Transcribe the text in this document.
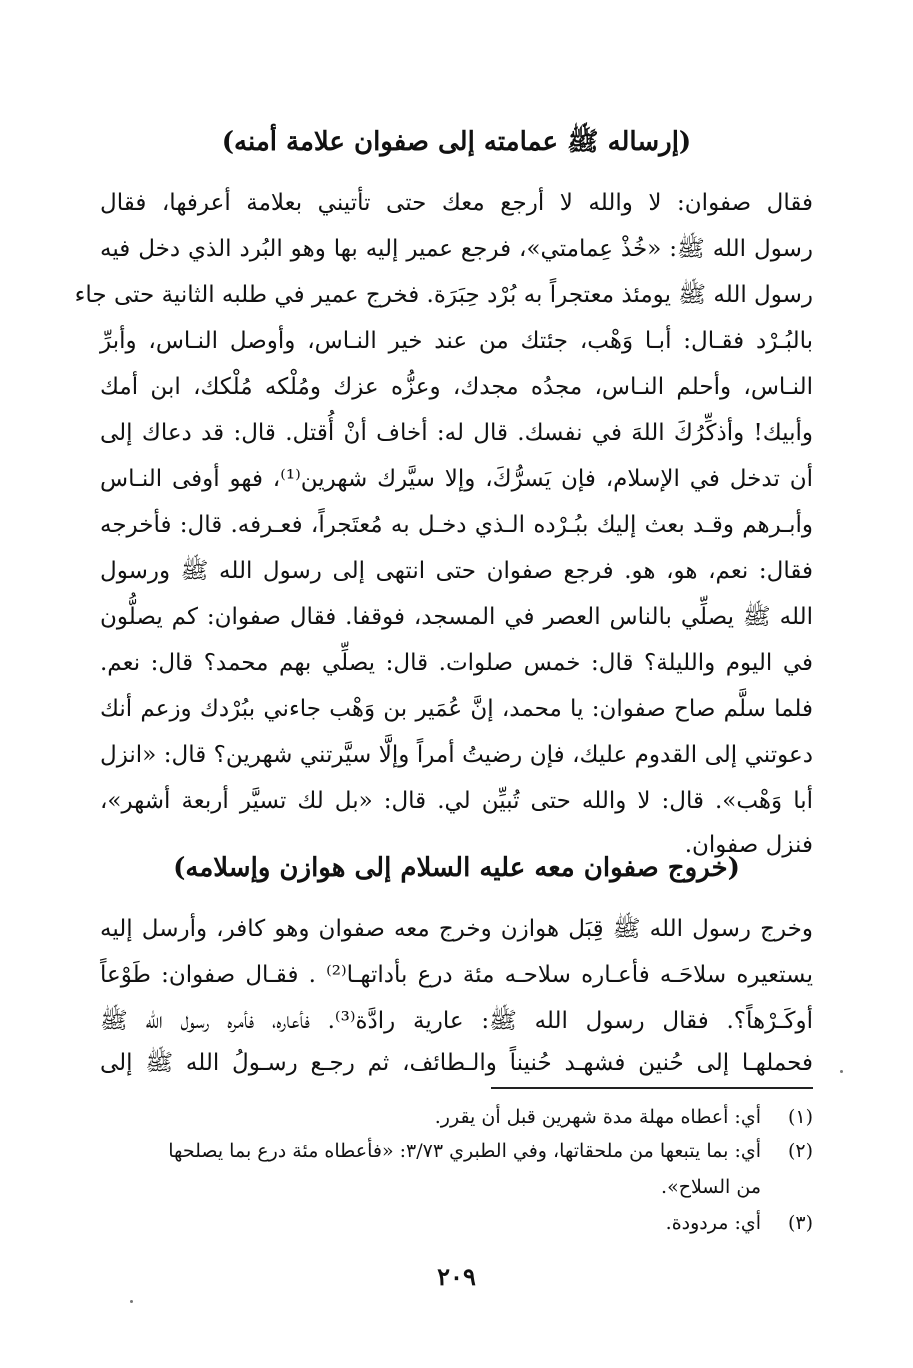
(إرساله ﷺ عمامته إلى صفوان علامة أمنه)
فقال صفوان: لا والله لا أرجع معك حتى تأتيني بعلامة أعرفها، فقال
رسول الله ﷺ: «خُذْ عِمامتي»، فرجع عمير إليه بها وهو البُرد الذي دخل فيه
رسول الله ﷺ يومئذ معتجراً به بُرْد حِبَرَة. فخرج عمير في طلبه الثانية حتى جاء
بالبُـرْد فقـال: أبـا وَهْب، جئتك من عند خير النـاس، وأوصل النـاس، وأبرِّ
النـاس، وأحلم النـاس، مجدُه مجدك، وعزُّه عزك ومُلْكه مُلْكك، ابن أمك
وأبيك! وأذكِّرُكَ اللهَ في نفسك. قال له: أخاف أنْ أُقتل. قال: قد دعاك إلى
أن تدخل في الإسلام، فإن يَسرُّكَ، وإلا سيَّرك شهرين⁽¹⁾، فهو أوفى النـاس
وأبـرهم وقـد بعث إليك ببُـرْده الـذي دخـل به مُعتَجراً، فعـرفه. قال: فأخرجه
فقال: نعم، هو، هو. فرجع صفوان حتى انتهى إلى رسول الله ﷺ ورسول
الله ﷺ يصلِّي بالناس العصر في المسجد، فوقفا. فقال صفوان: كم يصلُّون
في اليوم والليلة؟ قال: خمس صلوات. قال: يصلِّي بهم محمد؟ قال: نعم.
فلما سلَّم صاح صفوان: يا محمد، إنَّ عُمَير بن وَهْب جاءني ببُرْدك وزعم أنك
دعوتني إلى القدوم عليك، فإن رضيتُ أمراً وإلَّا سيَّرتني شهرين؟ قال: «انزل
أبا وَهْب». قال: لا والله حتى تُبيِّن لي. قال: «بل لك تسيَّر أربعة أشهر»،
فنزل صفوان.
(خروج صفوان معه عليه السلام إلى هوازن وإسلامه)
وخرج رسول الله ﷺ قِبَل هوازن وخرج معه صفوان وهو كافر، وأرسل إليه
يستعيره سلاحَـه فأعـاره سلاحـه مئة درع بأداتهـا⁽²⁾ . فقـال صفوان: طَوْعاً
أوكَـرْهاً؟. فقال رسول الله ﷺ: عارية رادَّة⁽³⁾. فأعاره، فأمره رسول الله ﷺ
فحملهـا إلى حُنين فشهـد حُنيناً والـطائف، ثم رجـع رسـولُ الله ﷺ إلى
(١)أي: أعطاه مهلة مدة شهرين قبل أن يقرر.
(٢)أي: بما يتبعها من ملحقاتها، وفي الطبري ٣/٧٣: «فأعطاه مئة درع بما يصلحها
من السلاح».
(٣)أي: مردودة.
٢٠٩
